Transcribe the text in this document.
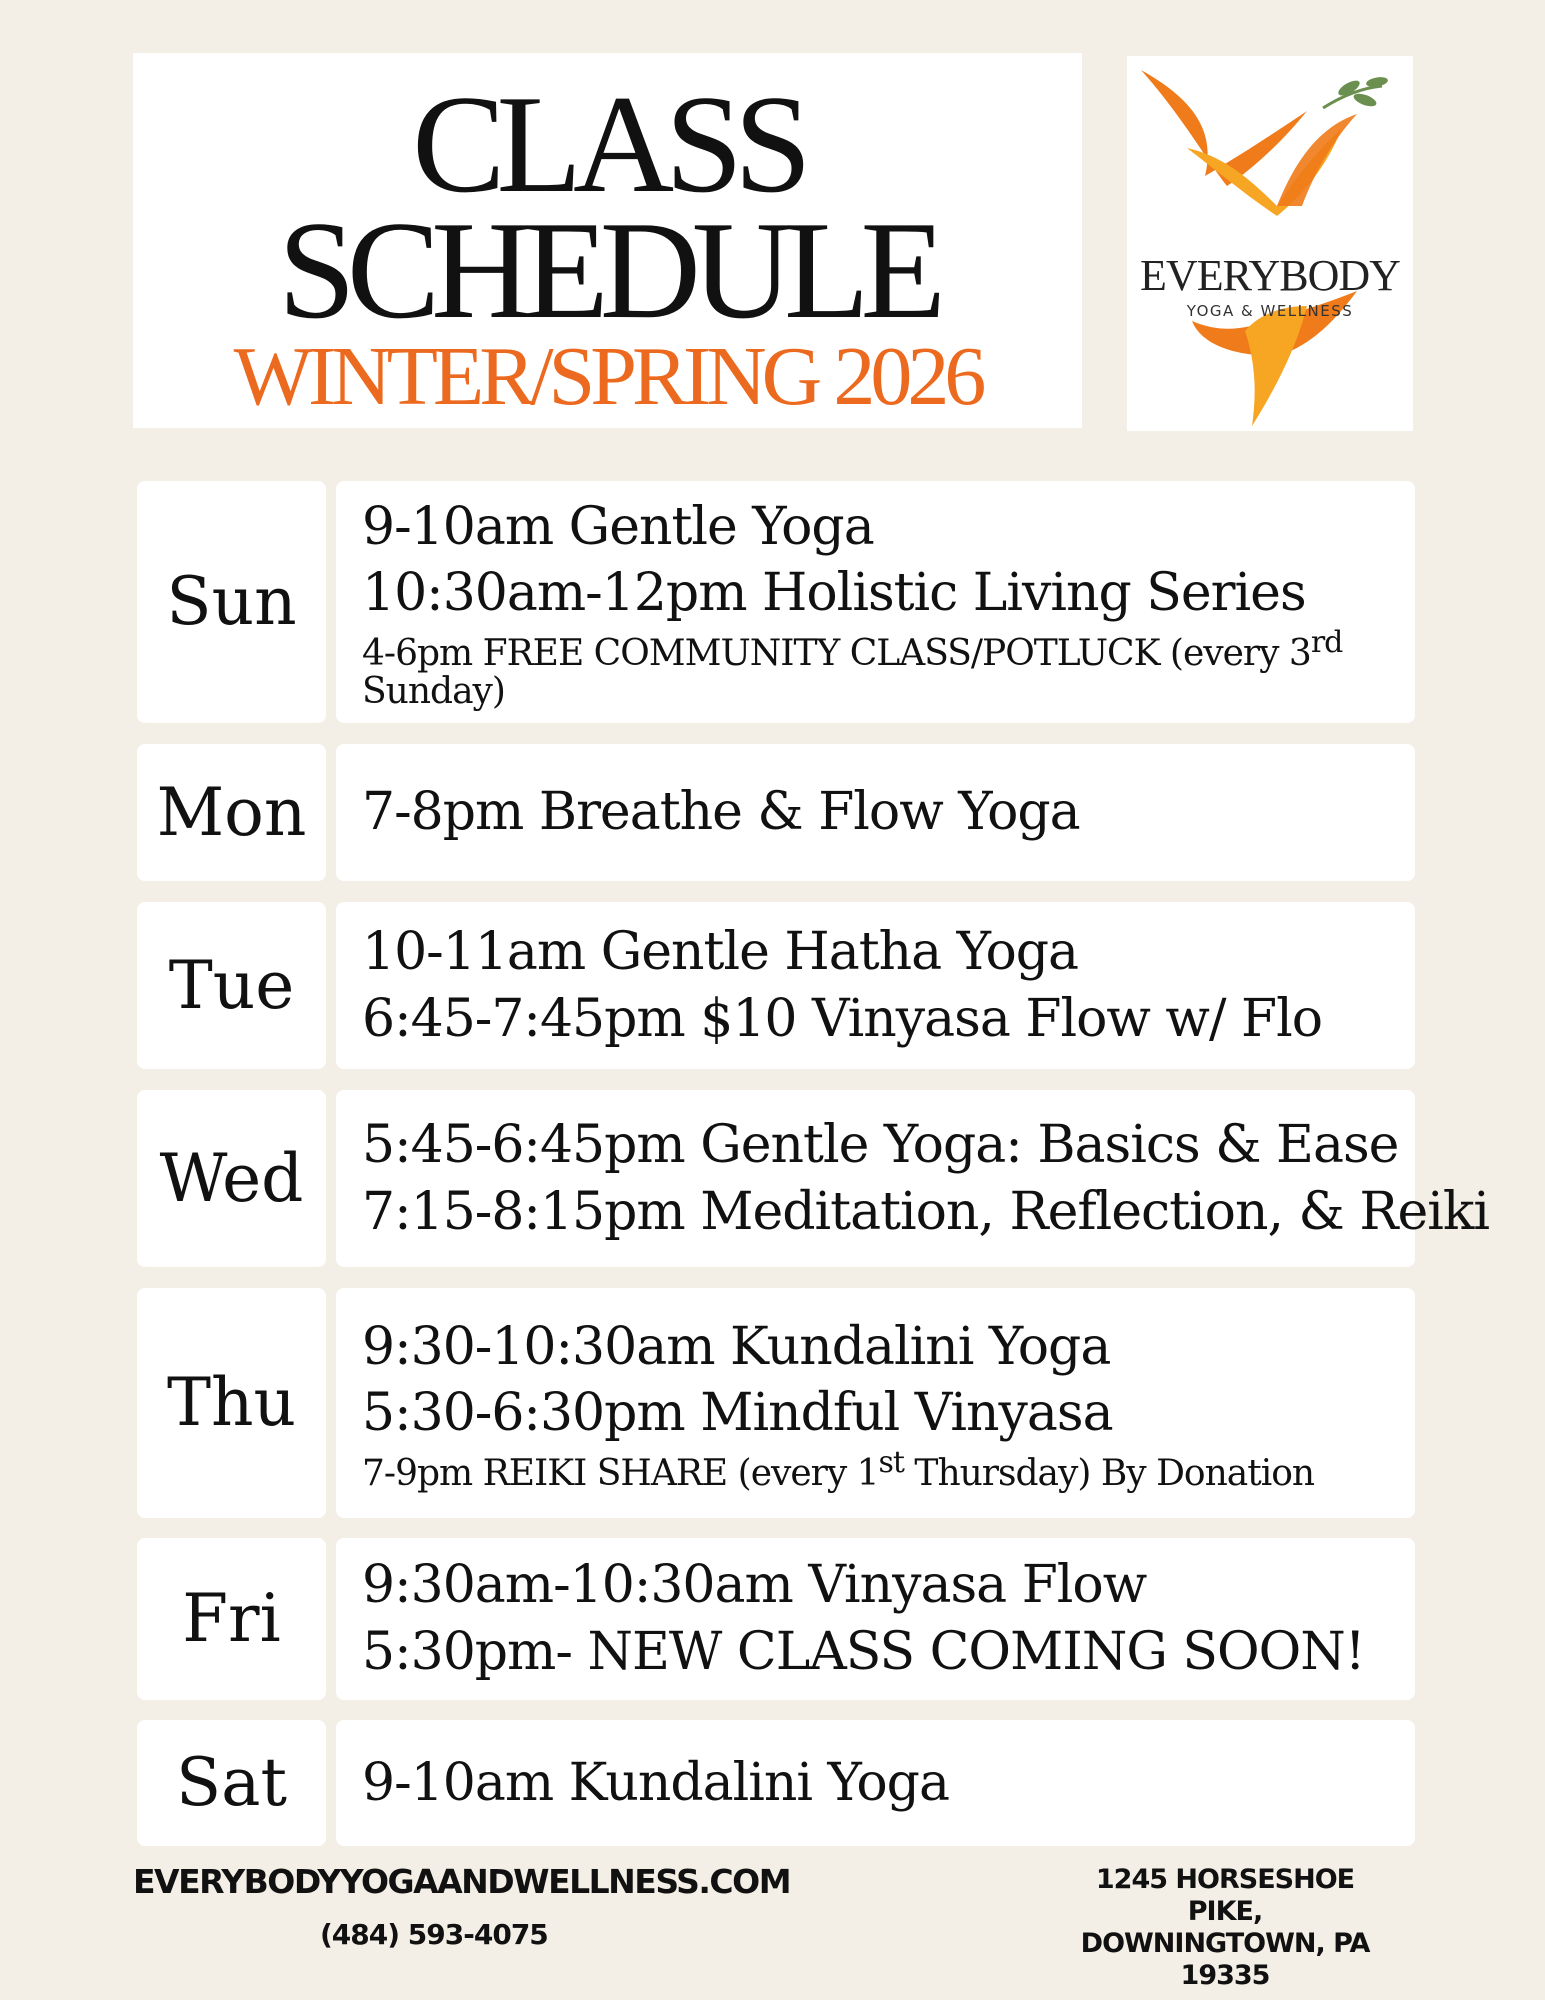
CLASS
SCHEDULE
WINTER/SPRING 2026
EVERYBODY
YOGA & WELLNESS
Sun
9-10am Gentle Yoga
10:30am-12pm Holistic Living Series
4-6pm FREE COMMUNITY CLASS/POTLUCK (every 3rd Sunday)
Mon 7-8pm Breathe & Flow Yoga
Tue 10-11am Gentle Hatha Yoga
6:45-7:45pm $10 Vinyasa Flow w/ Flo
Wed 5:45-6:45pm Gentle Yoga: Basics & Ease
7:15-8:15pm Meditation, Reflection, & Reiki
Thu
9:30-10:30am Kundalini Yoga
5:30-6:30pm Mindful Vinyasa
7-9pm REIKI SHARE (every 1st Thursday) By Donation
Fri 9:30am-10:30am Vinyasa Flow
5:30pm- NEW CLASS COMING SOON!
Sat 9-10am Kundalini Yoga
EVERYBODYYOGAANDWELLNESS.COM
(484) 593-4075
1245 HORSESHOE PIKE,
DOWNINGTOWN, PA
19335
